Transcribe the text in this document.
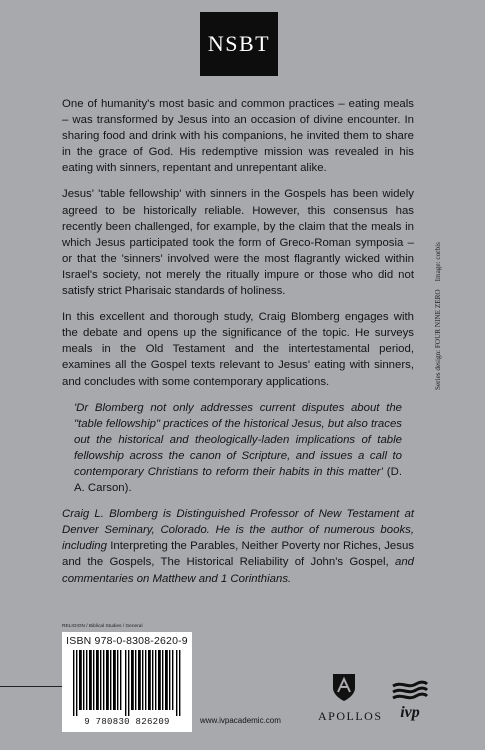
NSBT

One of humanity's most basic and common practices – eating meals – was transformed by Jesus into an occasion of divine encounter. In sharing food and drink with his companions, he invited them to share in the grace of God. His redemptive mission was revealed in his eating with sinners, repentant and unrepentant alike.

Jesus' 'table fellowship' with sinners in the Gospels has been widely agreed to be historically reliable. However, this consensus has recently been challenged, for example, by the claim that the meals in which Jesus participated took the form of Greco-Roman symposia – or that the 'sinners' involved were the most flagrantly wicked within Israel's society, not merely the ritually impure or those who did not satisfy strict Pharisaic standards of holiness.

In this excellent and thorough study, Craig Blomberg engages with the debate and opens up the significance of the topic. He surveys meals in the Old Testament and the intertestamental period, examines all the Gospel texts relevant to Jesus' eating with sinners, and concludes with some contemporary applications.

'Dr Blomberg not only addresses current disputes about the "table fellowship" practices of the historical Jesus, but also traces out the historical and theologically-laden implications of table fellowship across the canon of Scripture, and issues a call to contemporary Christians to reform their habits in this matter' (D. A. Carson).

Craig L. Blomberg is Distinguished Professor of New Testament at Denver Seminary, Colorado. He is the author of numerous books, including Interpreting the Parables, Neither Poverty nor Riches, Jesus and the Gospels, The Historical Reliability of John's Gospel, and commentaries on Matthew and 1 Corinthians.

Series design: FOUR NINE ZEROImage: corbis
RELIGION / Biblical Studies / General
ISBN 978-0-8308-2620-9
9 780830 826209	www.ivpacademic.com	APOLLOS	ivp
